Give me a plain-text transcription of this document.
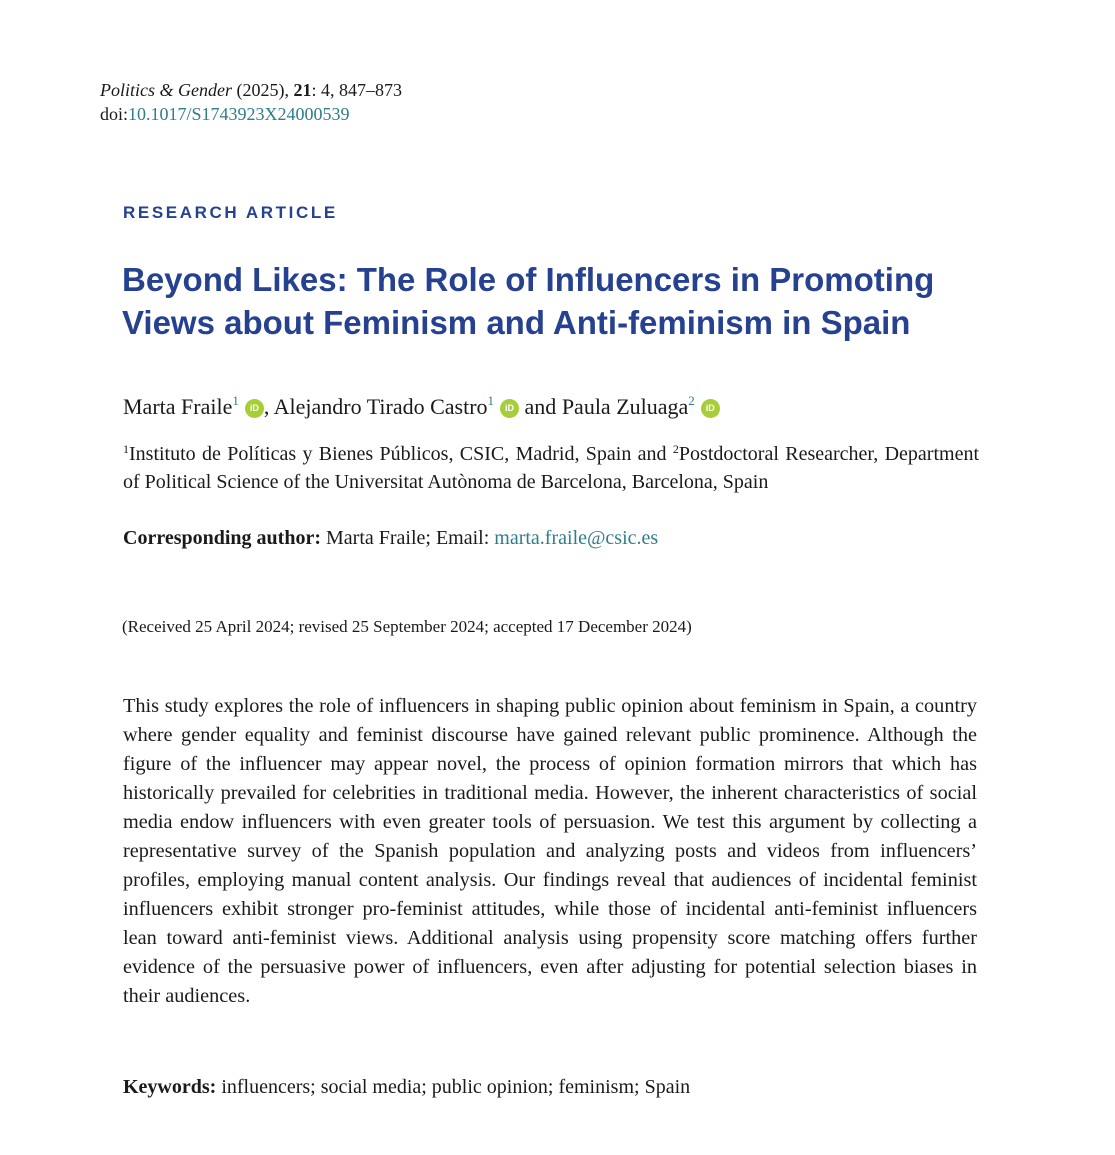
Politics & Gender (2025), 21: 4, 847–873
doi:10.1017/S1743923X24000539
RESEARCH ARTICLE
Beyond Likes: The Role of Influencers in Promoting Views about Feminism and Anti-feminism in Spain
Marta Fraile$^1$ iD , Alejandro Tirado Castro$^1$ iD and Paula Zuluaga$^2$ iD
$^1$Instituto de Políticas y Bienes Públicos, CSIC, Madrid, Spain and $^2$Postdoctoral Researcher, Department of Political Science of the Universitat Autònoma de Barcelona, Barcelona, Spain
Corresponding author: Marta Fraile; Email: marta.fraile@csic.es
(Received 25 April 2024; revised 25 September 2024; accepted 17 December 2024)

This study explores the role of influencers in shaping public opinion about feminism in Spain, a country where gender equality and feminist discourse have gained relevant public prominence. Although the figure of the influencer may appear novel, the process of opinion formation mirrors that which has historically prevailed for celebrities in traditional media. However, the inherent characteristics of social media endow influencers with even greater tools of persuasion. We test this argument by collecting a representative survey of the Spanish population and analyzing posts and videos from influencers’ profiles, employing manual content analysis. Our findings reveal that audiences of incidental feminist influencers exhibit stronger pro-feminist attitudes, while those of incidental anti-feminist influencers lean toward anti-feminist views. Additional analysis using propensity score matching offers further evidence of the persuasive power of influencers, even after adjusting for potential selection biases in their audiences.

Keywords: influencers; social media; public opinion; feminism; Spain
